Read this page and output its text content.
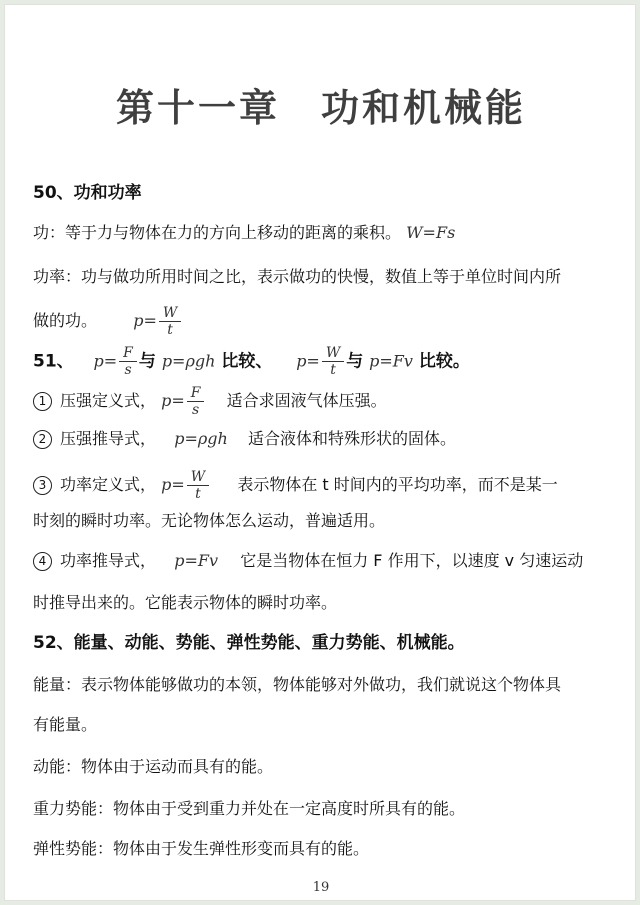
第十一章　功和机械能
50、功和功率
功：等于力与物体在力的方向上移动的距离的乘积。 W=Fs
功率：功与做功所用时间之比，表示做功的快慢，数值上等于单位时间内所
做的功。 $p= \frac{W}{t}$
51、 $p= \frac{F}{s}$ 与 p=ρgh 比较、 $p= \frac{W}{t}$ 与 p=Fv 比较。
1 压强定义式， $p= \frac{F}{s}$ 适合求固液气体压强。
2 压强推导式， p=ρgh 适合液体和特殊形状的固体。
3 功率定义式， $p= \frac{W}{t}$ 表示物体在 t 时间内的平均功率，而不是某一
时刻的瞬时功率。无论物体怎么运动，普遍适用。
4 功率推导式， p=Fv 它是当物体在恒力 F 作用下，以速度 v 匀速运动
时推导出来的。它能表示物体的瞬时功率。
52、能量、动能、势能、弹性势能、重力势能、机械能。
能量：表示物体能够做功的本领，物体能够对外做功，我们就说这个物体具
有能量。
动能：物体由于运动而具有的能。
重力势能：物体由于受到重力并处在一定高度时所具有的能。
弹性势能：物体由于发生弹性形变而具有的能。
19
